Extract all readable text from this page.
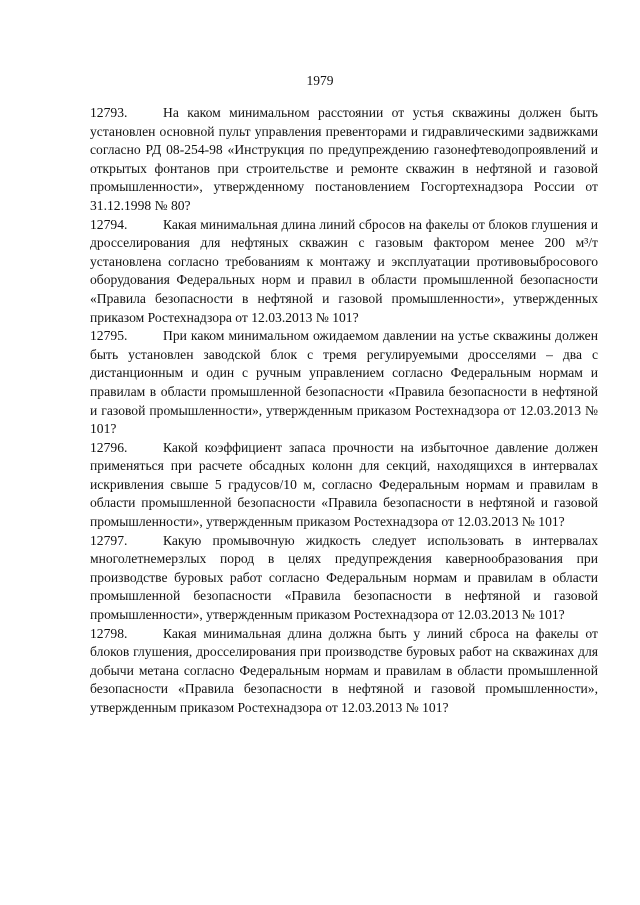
1979

12793.	На каком минимальном расстоянии от устья скважины должен быть установлен основной пульт управления превенторами и гидравлическими задвижками согласно РД 08-254-98 «Инструкция по предупреждению газонефтеводопроявлений и открытых фонтанов при строительстве и ремонте скважин в нефтяной и газовой промышленности», утвержденному постановлением Госгортехнадзора России от 31.12.1998 № 80?

12794.	Какая минимальная длина линий сбросов на факелы от блоков глушения и дросселирования для нефтяных скважин с газовым фактором менее 200 м³/т установлена согласно требованиям к монтажу и эксплуатации противовыбросового оборудования Федеральных норм и правил в области промышленной безопасности «Правила безопасности в нефтяной и газовой промышленности», утвержденных приказом Ростехнадзора от 12.03.2013 № 101?

12795.	При каком минимальном ожидаемом давлении на устье скважины должен быть установлен заводской блок с тремя регулируемыми дросселями – два с дистанционным и один с ручным управлением согласно Федеральным нормам и правилам в области промышленной безопасности «Правила безопасности в нефтяной и газовой промышленности», утвержденным приказом Ростехнадзора от 12.03.2013 № 101?

12796.	Какой коэффициент запаса прочности на избыточное давление должен применяться при расчете обсадных колонн для секций, находящихся в интервалах искривления свыше 5 градусов/10 м, согласно Федеральным нормам и правилам в области промышленной безопасности «Правила безопасности в нефтяной и газовой промышленности», утвержденным приказом Ростехнадзора от 12.03.2013 № 101?

12797.	Какую промывочную жидкость следует использовать в интервалах многолетнемерзлых пород в целях предупреждения кавернообразования при производстве буровых работ согласно Федеральным нормам и правилам в области промышленной безопасности «Правила безопасности в нефтяной и газовой промышленности», утвержденным приказом Ростехнадзора от 12.03.2013 № 101?

12798.	Какая минимальная длина должна быть у линий сброса на факелы от блоков глушения, дросселирования при производстве буровых работ на скважинах для добычи метана согласно Федеральным нормам и правилам в области промышленной безопасности «Правила безопасности в нефтяной и газовой промышленности», утвержденным приказом Ростехнадзора от 12.03.2013 № 101?
